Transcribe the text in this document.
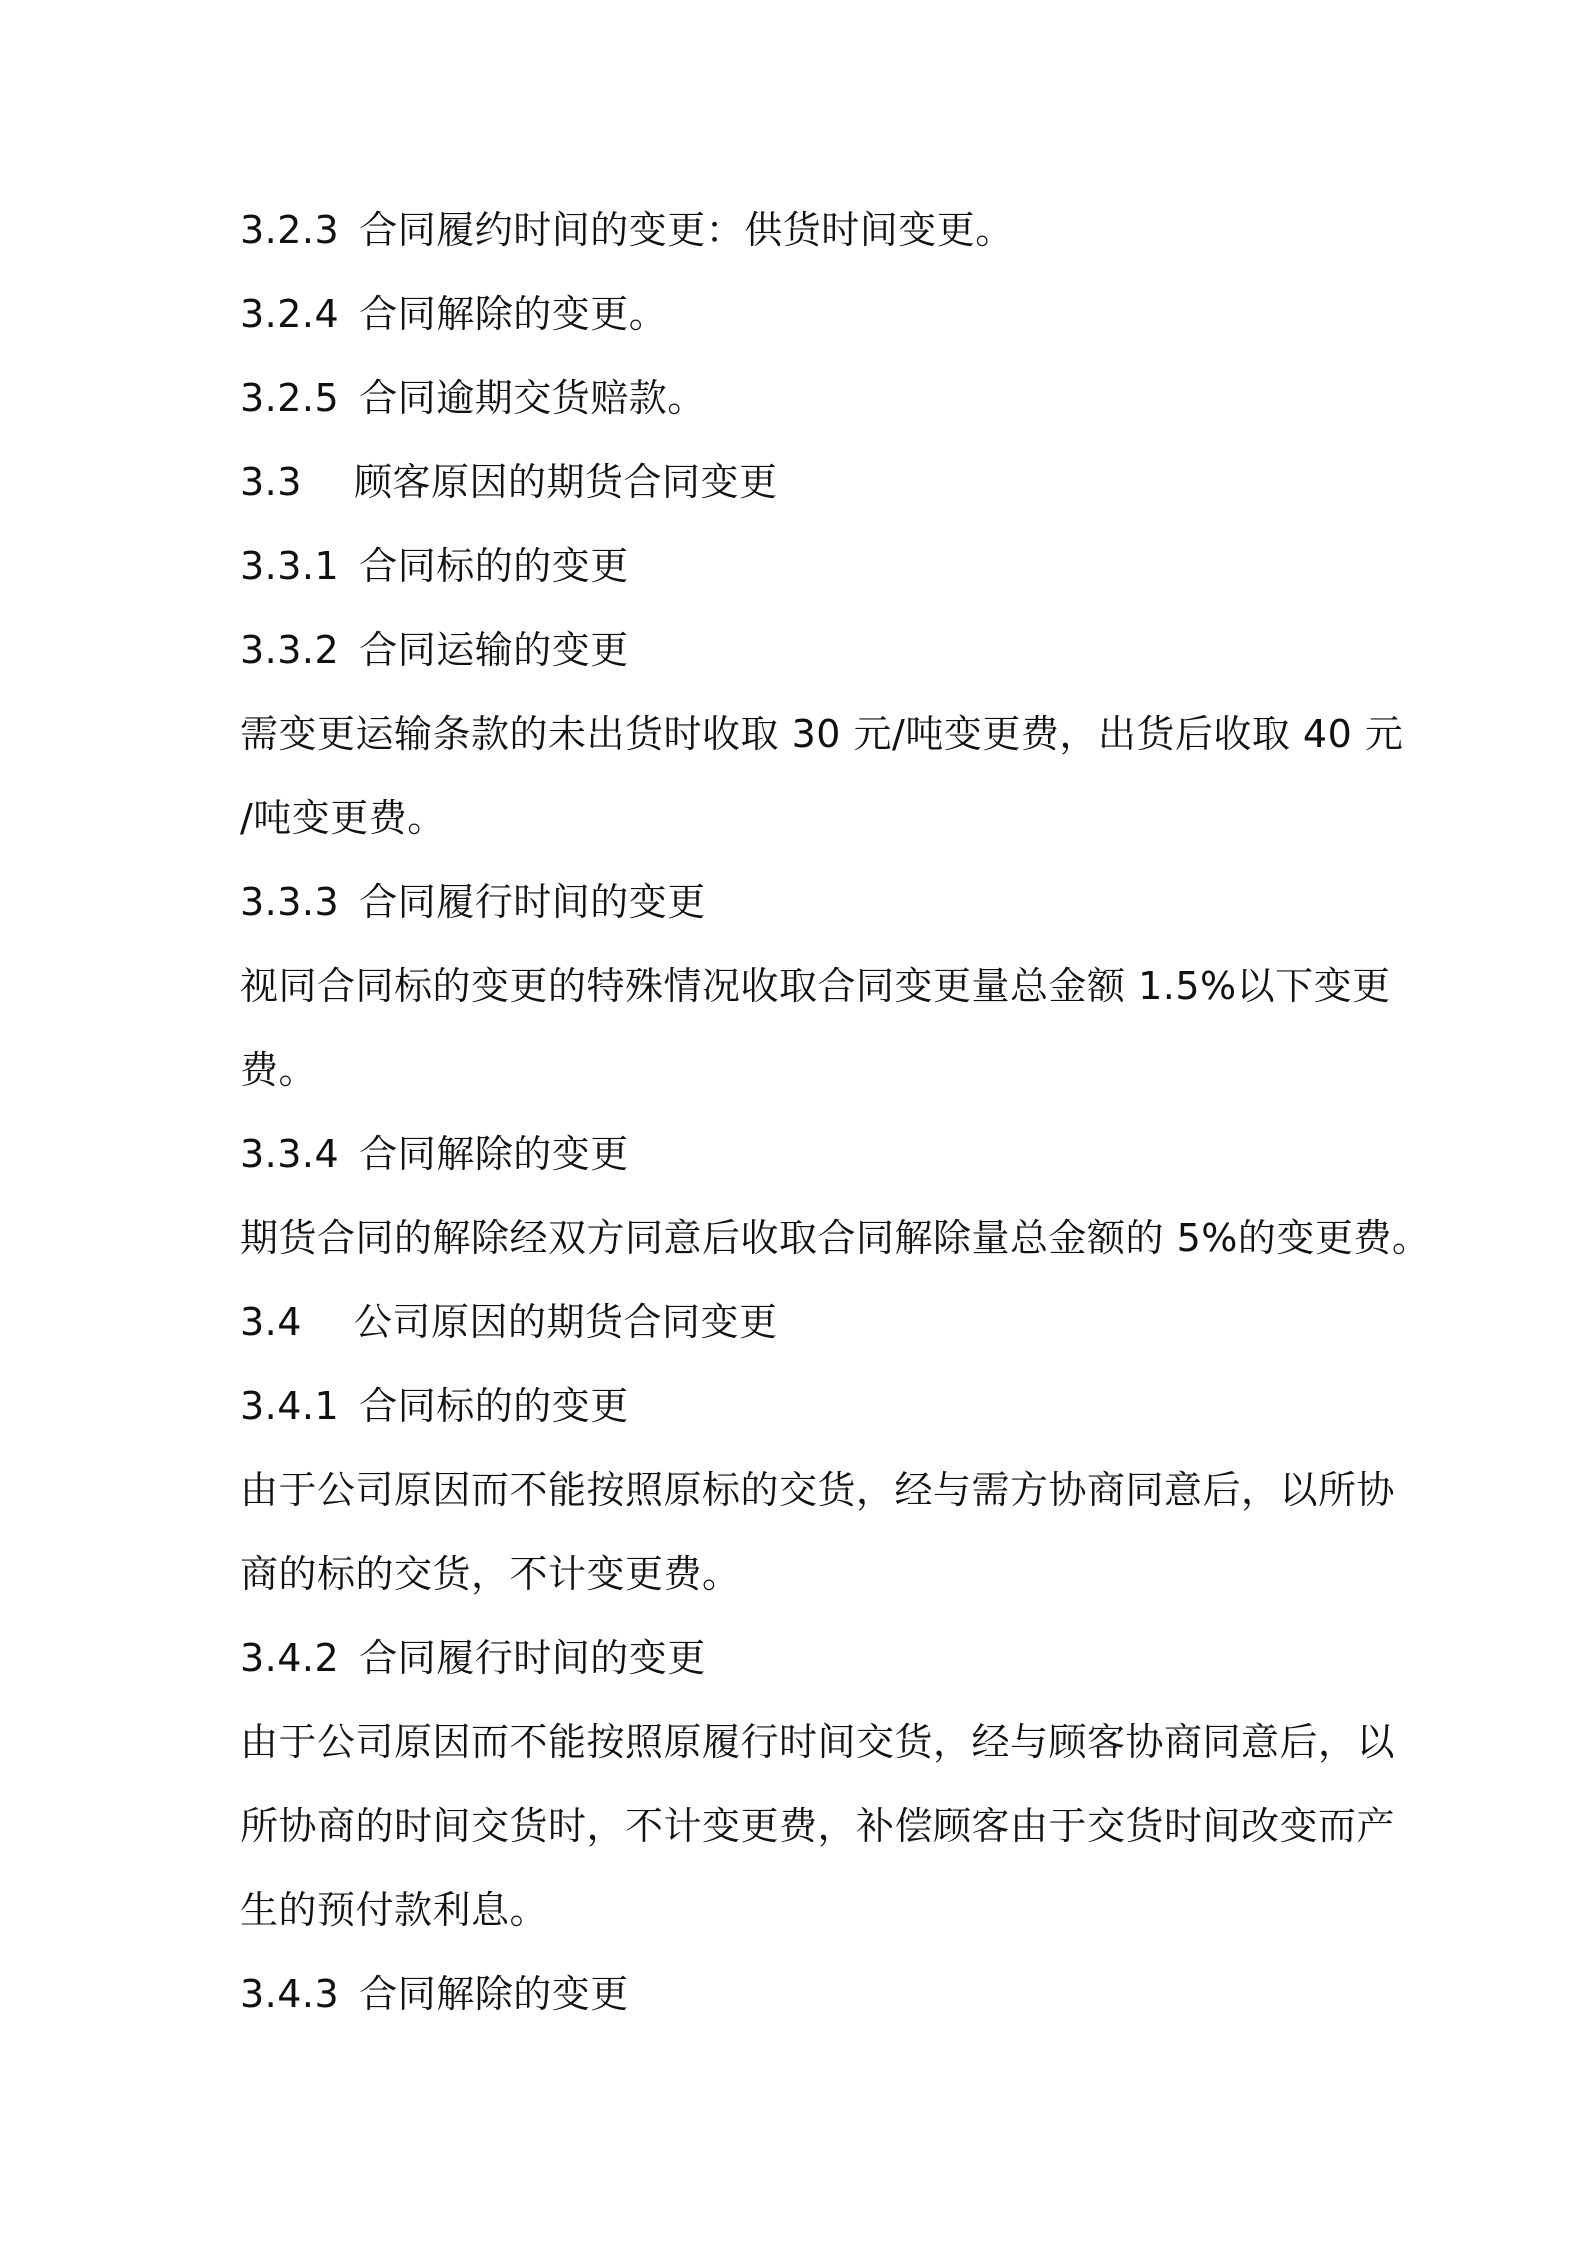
3.2.3 合同履约时间的变更：供货时间变更。
3.2.4 合同解除的变更。
3.2.5 合同逾期交货赔款。
3.3 顾客原因的期货合同变更
3.3.1 合同标的的变更
3.3.2 合同运输的变更
需变更运输条款的未出货时收取 30 元/吨变更费，出货后收取 40 元
/吨变更费。
3.3.3 合同履行时间的变更
视同合同标的变更的特殊情况收取合同变更量总金额 1.5%以下变更
费。
3.3.4 合同解除的变更
期货合同的解除经双方同意后收取合同解除量总金额的 5%的变更费。
3.4 公司原因的期货合同变更
3.4.1 合同标的的变更
由于公司原因而不能按照原标的交货，经与需方协商同意后，以所协
商的标的交货，不计变更费。
3.4.2 合同履行时间的变更
由于公司原因而不能按照原履行时间交货，经与顾客协商同意后，以
所协商的时间交货时，不计变更费，补偿顾客由于交货时间改变而产
生的预付款利息。
3.4.3 合同解除的变更
